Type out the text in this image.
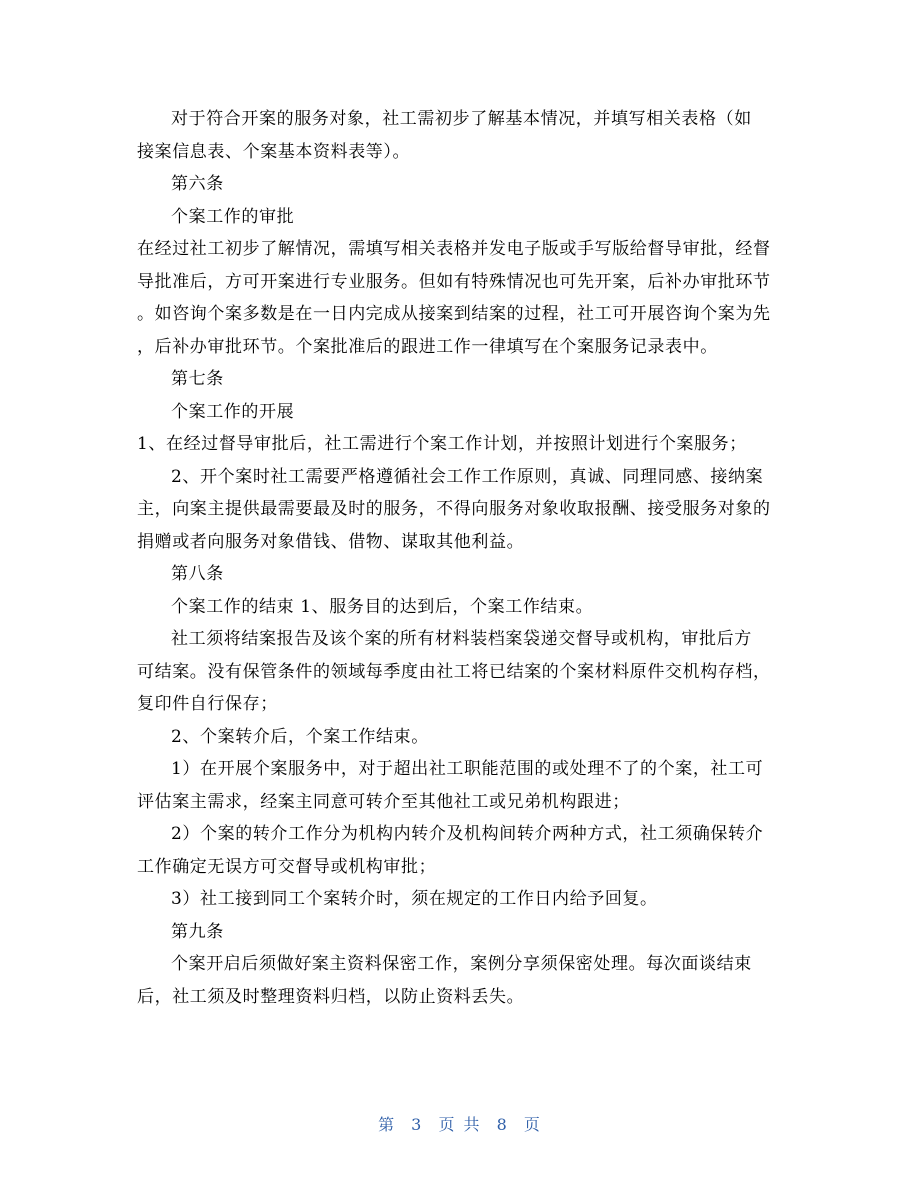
对于符合开案的服务对象，社工需初步了解基本情况，并填写相关表格（如

接案信息表、个案基本资料表等）。

第六条

个案工作的审批

在经过社工初步了解情况，需填写相关表格并发电子版或手写版给督导审批，经督

导批准后，方可开案进行专业服务。但如有特殊情况也可先开案，后补办审批环节

。如咨询个案多数是在一日内完成从接案到结案的过程，社工可开展咨询个案为先

，后补办审批环节。个案批准后的跟进工作一律填写在个案服务记录表中。

第七条

个案工作的开展

1、在经过督导审批后，社工需进行个案工作计划，并按照计划进行个案服务；

2、开个案时社工需要严格遵循社会工作工作原则，真诚、同理同感、接纳案

主，向案主提供最需要最及时的服务，不得向服务对象收取报酬、接受服务对象的

捐赠或者向服务对象借钱、借物、谋取其他利益。

第八条

个案工作的结束 1、服务目的达到后，个案工作结束。

社工须将结案报告及该个案的所有材料装档案袋递交督导或机构，审批后方

可结案。没有保管条件的领域每季度由社工将已结案的个案材料原件交机构存档，

复印件自行保存；

2、个案转介后，个案工作结束。

1）在开展个案服务中，对于超出社工职能范围的或处理不了的个案，社工可

评估案主需求，经案主同意可转介至其他社工或兄弟机构跟进；

2）个案的转介工作分为机构内转介及机构间转介两种方式，社工须确保转介

工作确定无误方可交督导或机构审批；

3）社工接到同工个案转介时，须在规定的工作日内给予回复。

第九条

个案开启后须做好案主资料保密工作，案例分享须保密处理。每次面谈结束

后，社工须及时整理资料归档，以防止资料丢失。

第 3 页 共 8 页
